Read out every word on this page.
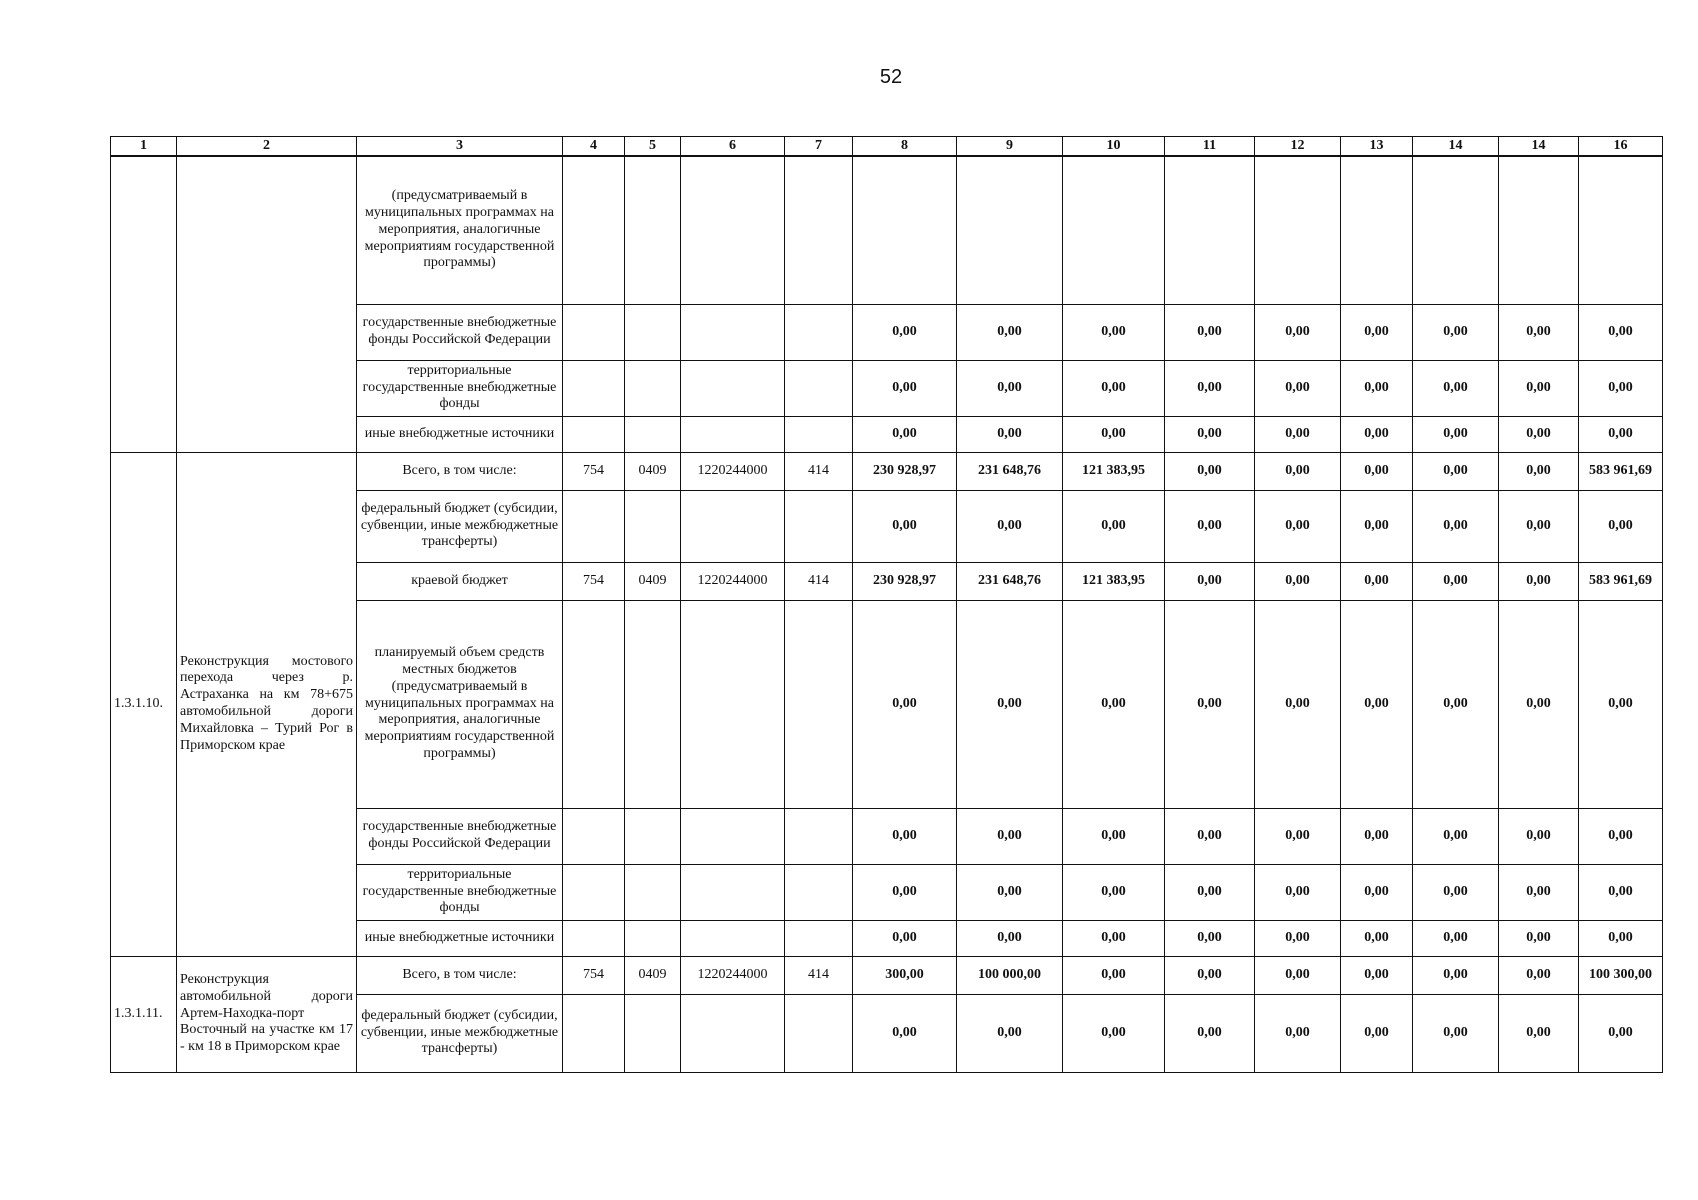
52
1	2	3	4	5	6	7	8	9	10	11	12	13	14	14	16
		(предусматриваемый в муниципальных программах на мероприятия, аналогичные мероприятиям государственной программы)													
		государственные внебюджетные фонды Российской Федерации					0,00	0,00	0,00	0,00	0,00	0,00	0,00	0,00	0,00
		территориальные государственные внебюджетные фонды					0,00	0,00	0,00	0,00	0,00	0,00	0,00	0,00	0,00
		иные внебюджетные источники					0,00	0,00	0,00	0,00	0,00	0,00	0,00	0,00	0,00
1.3.1.10.	Реконструкция мостового перехода через р. Астраханка на км 78+675 автомобильной дороги Михайловка – Турий Рог в Приморском крае	Всего, в том числе:	754	0409	1220244000	414	230 928,97	231 648,76	121 383,95	0,00	0,00	0,00	0,00	0,00	583 961,69
		федеральный бюджет (субсидии, субвенции, иные межбюджетные трансферты)					0,00	0,00	0,00	0,00	0,00	0,00	0,00	0,00	0,00
		краевой бюджет	754	0409	1220244000	414	230 928,97	231 648,76	121 383,95	0,00	0,00	0,00	0,00	0,00	583 961,69
		планируемый объем средств местных бюджетов (предусматриваемый в муниципальных программах на мероприятия, аналогичные мероприятиям государственной программы)					0,00	0,00	0,00	0,00	0,00	0,00	0,00	0,00	0,00
		государственные внебюджетные фонды Российской Федерации					0,00	0,00	0,00	0,00	0,00	0,00	0,00	0,00	0,00
		территориальные государственные внебюджетные фонды					0,00	0,00	0,00	0,00	0,00	0,00	0,00	0,00	0,00
		иные внебюджетные источники					0,00	0,00	0,00	0,00	0,00	0,00	0,00	0,00	0,00
1.3.1.11.	Реконструкция автомобильной дороги Артем-Находка-порт Восточный на участке км 17 - км 18 в Приморском крае	Всего, в том числе:	754	0409	1220244000	414	300,00	100 000,00	0,00	0,00	0,00	0,00	0,00	0,00	100 300,00
		федеральный бюджет (субсидии, субвенции, иные межбюджетные трансферты)					0,00	0,00	0,00	0,00	0,00	0,00	0,00	0,00	0,00
